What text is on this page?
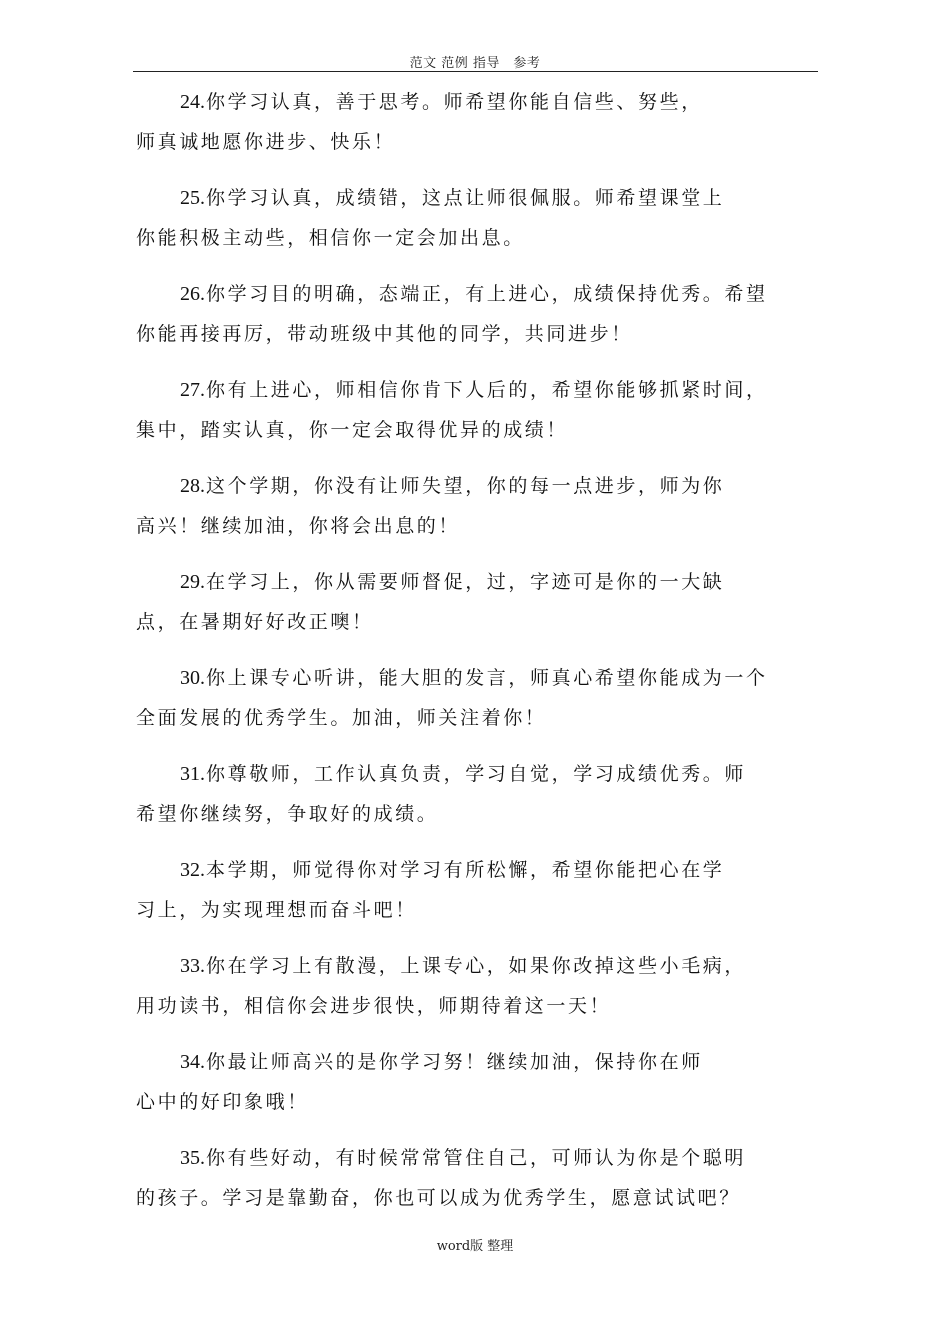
范文 范例 指导　参考
24.你学习认真，善于思考。师希望你能自信些、努些，
师真诚地愿你进步、快乐！
25.你学习认真，成绩错，这点让师很佩服。师希望课堂上
你能积极主动些，相信你一定会加出息。
26.你学习目的明确，态端正，有上进心，成绩保持优秀。希望
你能再接再厉，带动班级中其他的同学，共同进步！
27.你有上进心，师相信你肯下人后的，希望你能够抓紧时间，
集中，踏实认真，你一定会取得优异的成绩！
28.这个学期，你没有让师失望，你的每一点进步，师为你
高兴！继续加油，你将会出息的！
29.在学习上，你从需要师督促，过，字迹可是你的一大缺
点，在暑期好好改正噢！
30.你上课专心听讲，能大胆的发言，师真心希望你能成为一个
全面发展的优秀学生。加油，师关注着你！
31.你尊敬师，工作认真负责，学习自觉，学习成绩优秀。师
希望你继续努，争取好的成绩。
32.本学期，师觉得你对学习有所松懈，希望你能把心在学
习上，为实现理想而奋斗吧！
33.你在学习上有散漫，上课专心，如果你改掉这些小毛病，
用功读书，相信你会进步很快，师期待着这一天！
34.你最让师高兴的是你学习努！继续加油，保持你在师
心中的好印象哦！
35.你有些好动，有时候常常管住自己，可师认为你是个聪明
的孩子。学习是靠勤奋，你也可以成为优秀学生，愿意试试吧？
word版 整理
